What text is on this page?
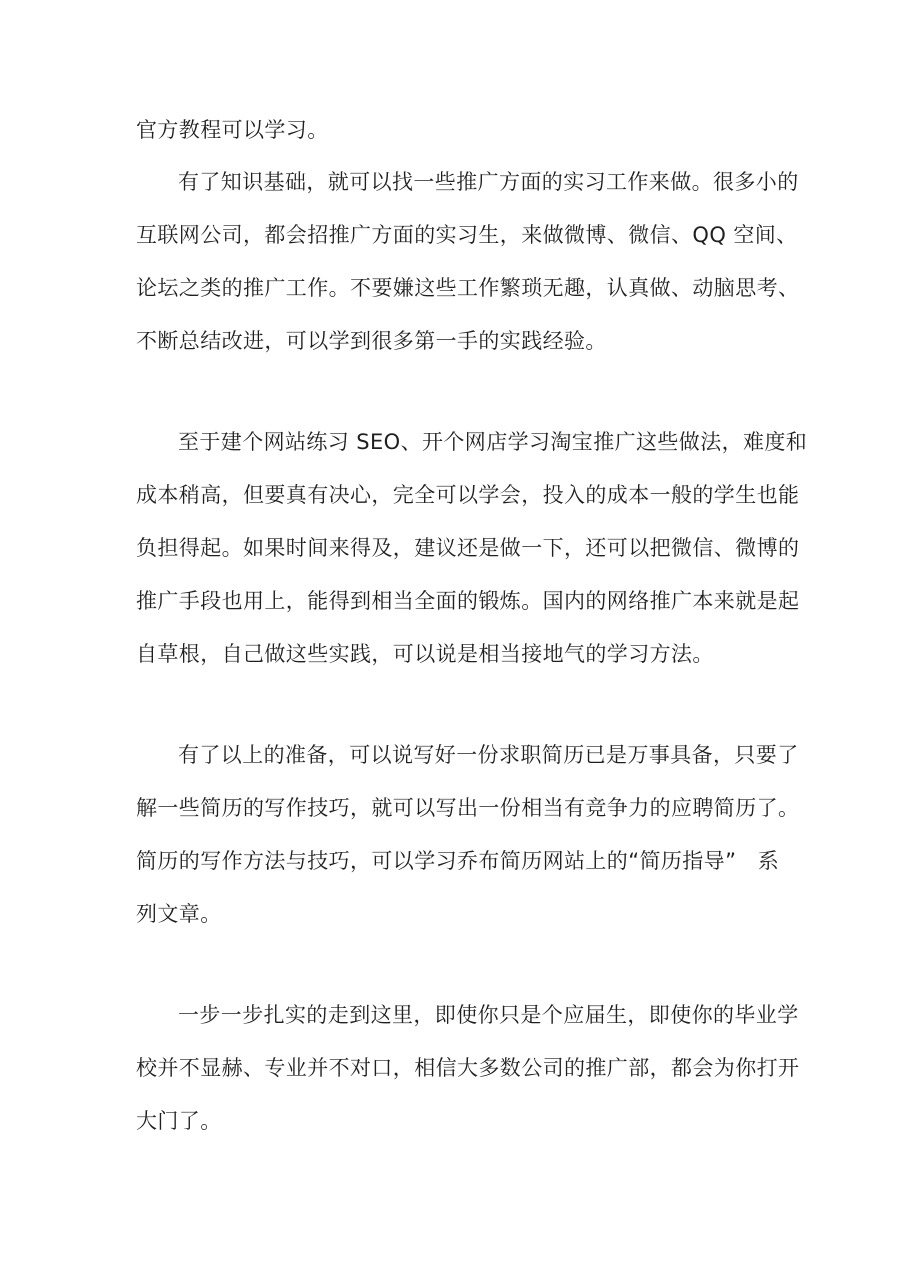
官方教程可以学习。
有了知识基础，就可以找一些推广方面的实习工作来做。很多小的
互联网公司，都会招推广方面的实习生，来做微博、微信、QQ 空间、
论坛之类的推广工作。不要嫌这些工作繁琐无趣，认真做、动脑思考、
不断总结改进，可以学到很多第一手的实践经验。
至于建个网站练习 SEO、开个网店学习淘宝推广这些做法，难度和
成本稍高，但要真有决心，完全可以学会，投入的成本一般的学生也能
负担得起。如果时间来得及，建议还是做一下，还可以把微信、微博的
推广手段也用上，能得到相当全面的锻炼。国内的网络推广本来就是起
自草根，自己做这些实践，可以说是相当接地气的学习方法。
有了以上的准备，可以说写好一份求职简历已是万事具备，只要了
解一些简历的写作技巧，就可以写出一份相当有竞争力的应聘简历了。
简历的写作方法与技巧，可以学习乔布简历网站上的“简历指导”　系
列文章。
一步一步扎实的走到这里，即使你只是个应届生，即使你的毕业学
校并不显赫、专业并不对口，相信大多数公司的推广部，都会为你打开
大门了。
